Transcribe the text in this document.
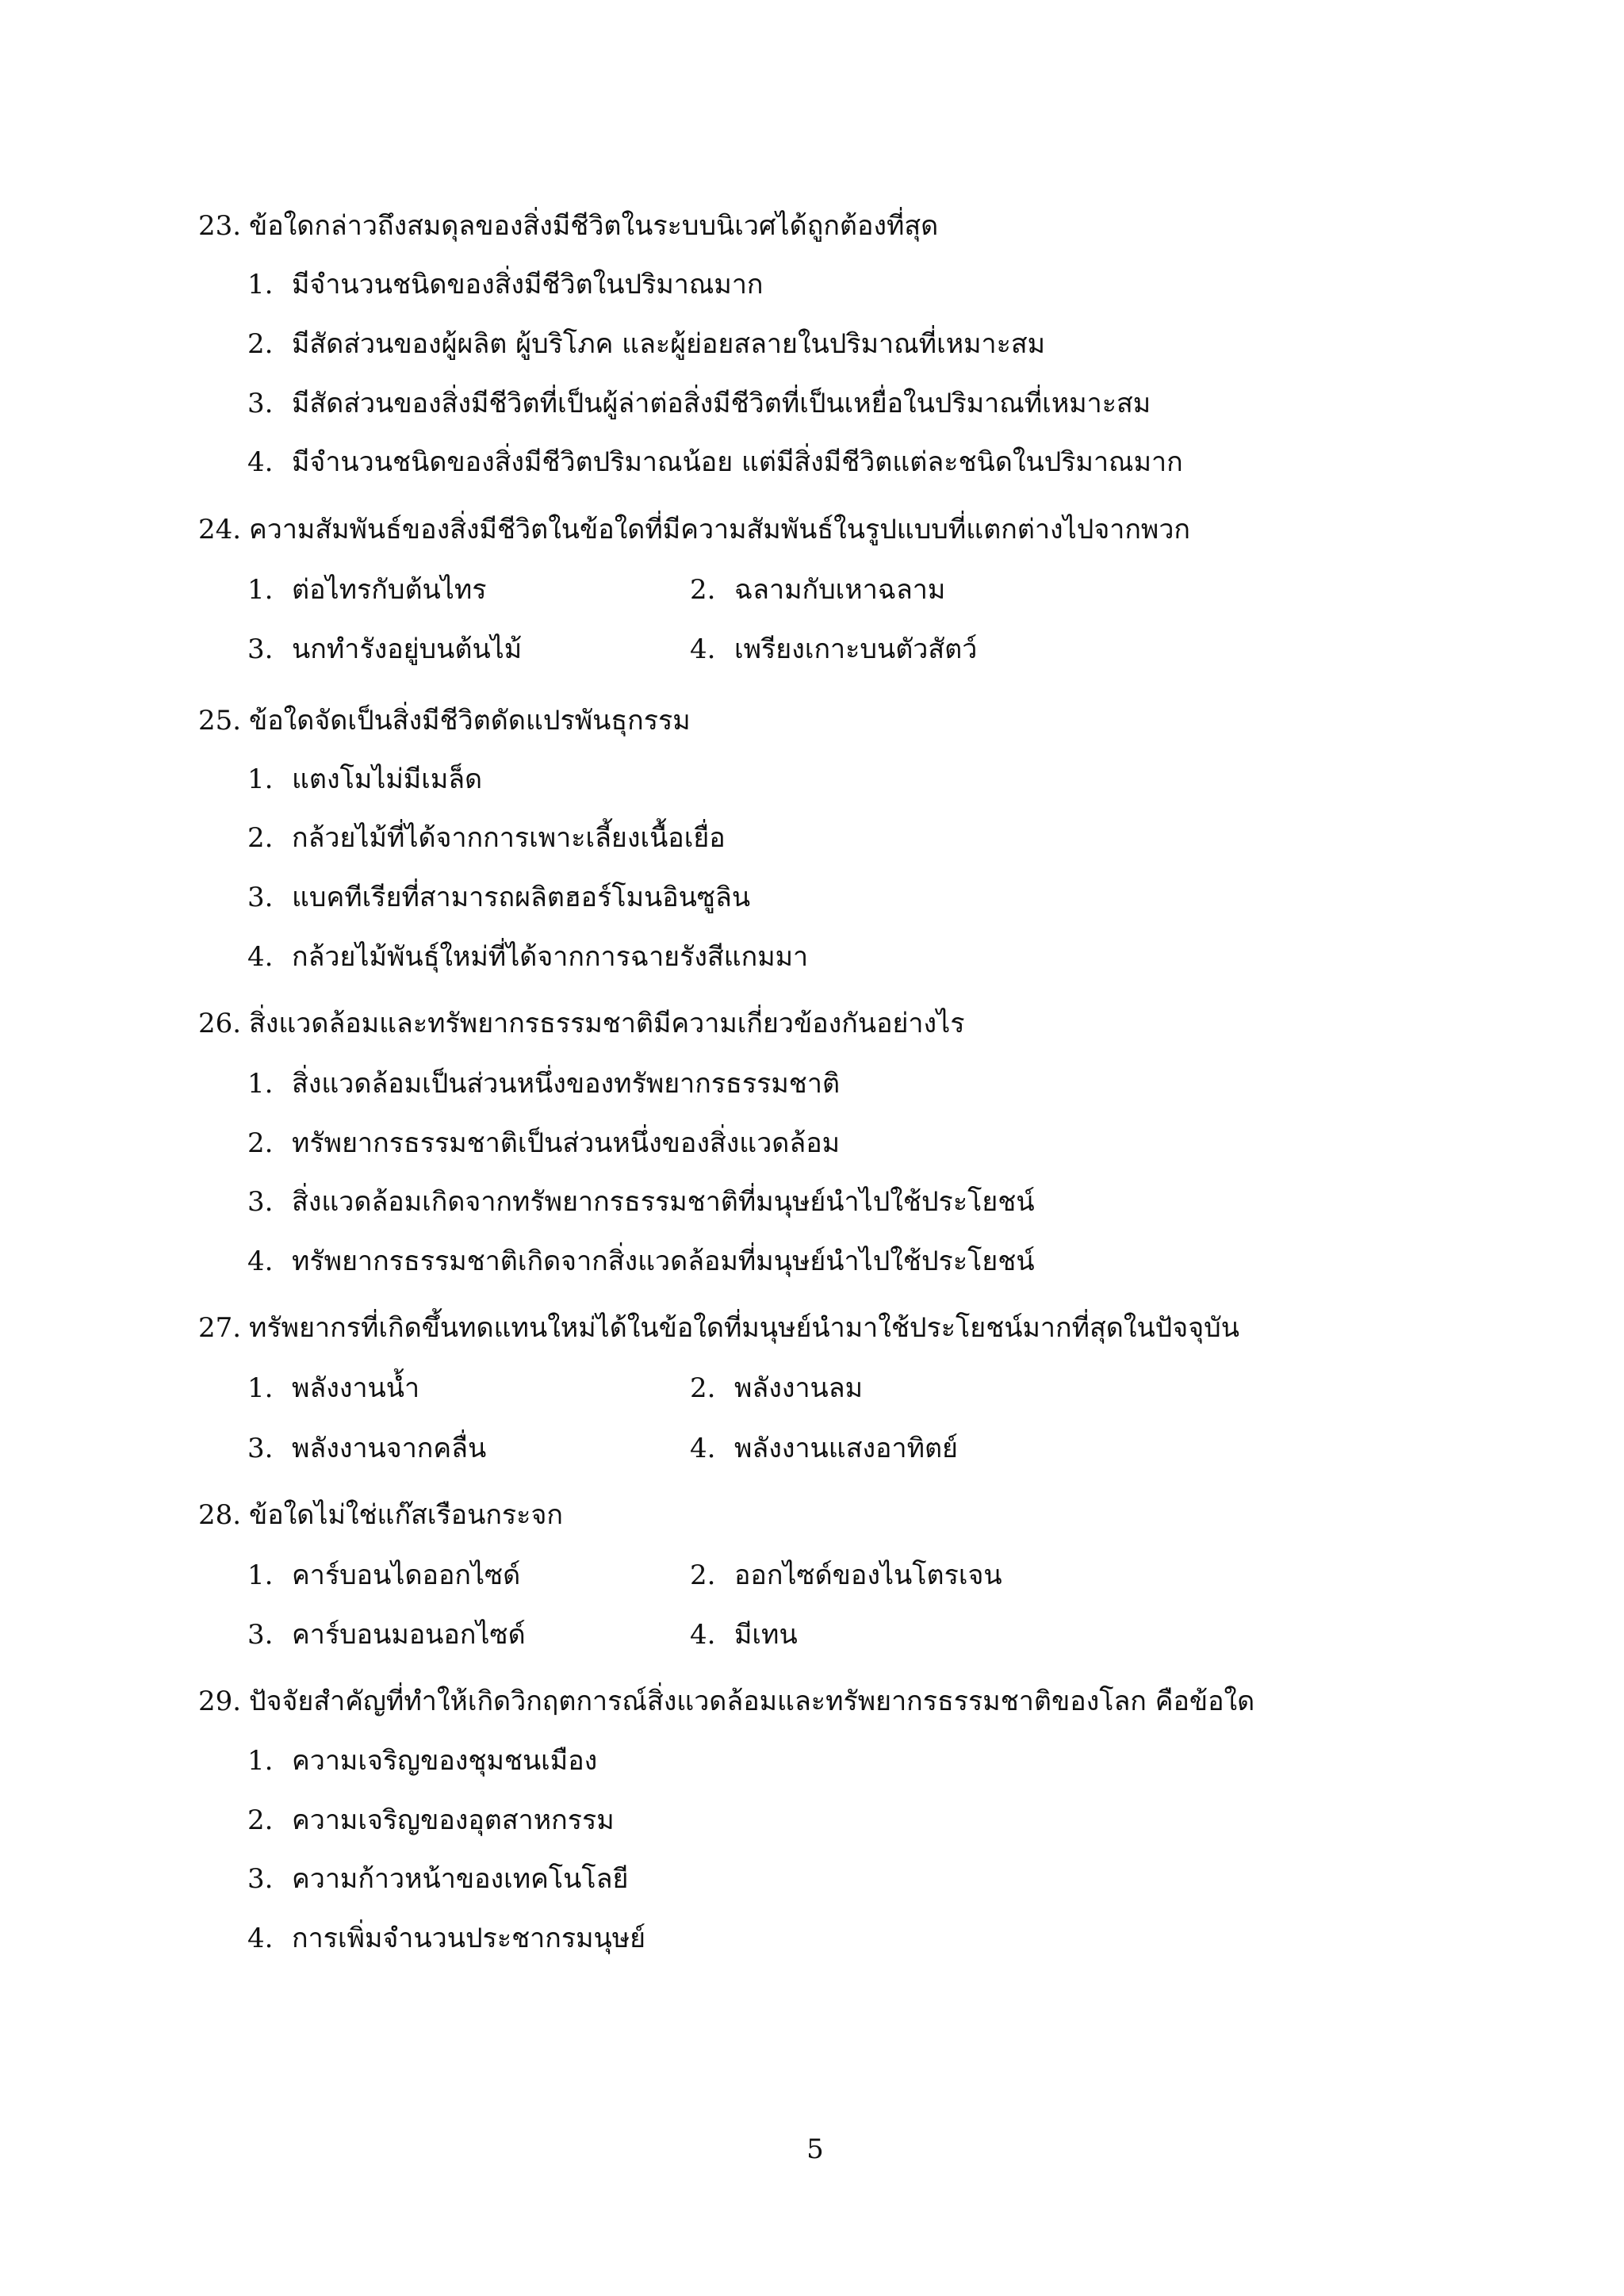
23. ข้อใดกล่าวถึงสมดุลของสิ่งมีชีวิตในระบบนิเวศได้ถูกต้องที่สุด
1. มีจำนวนชนิดของสิ่งมีชีวิตในปริมาณมาก
2. มีสัดส่วนของผู้ผลิต ผู้บริโภค และผู้ย่อยสลายในปริมาณที่เหมาะสม
3. มีสัดส่วนของสิ่งมีชีวิตที่เป็นผู้ล่าต่อสิ่งมีชีวิตที่เป็นเหยื่อในปริมาณที่เหมาะสม
4. มีจำนวนชนิดของสิ่งมีชีวิตปริมาณน้อย แต่มีสิ่งมีชีวิตแต่ละชนิดในปริมาณมาก
24. ความสัมพันธ์ของสิ่งมีชีวิตในข้อใดที่มีความสัมพันธ์ในรูปแบบที่แตกต่างไปจากพวก
1. ต่อไทรกับต้นไทร	2. ฉลามกับเหาฉลาม
3. นกทำรังอยู่บนต้นไม้	4. เพรียงเกาะบนตัวสัตว์
25. ข้อใดจัดเป็นสิ่งมีชีวิตดัดแปรพันธุกรรม
1. แตงโมไม่มีเมล็ด
2. กล้วยไม้ที่ได้จากการเพาะเลี้ยงเนื้อเยื่อ
3. แบคทีเรียที่สามารถผลิตฮอร์โมนอินซูลิน
4. กล้วยไม้พันธุ์ใหม่ที่ได้จากการฉายรังสีแกมมา
26. สิ่งแวดล้อมและทรัพยากรธรรมชาติมีความเกี่ยวข้องกันอย่างไร
1. สิ่งแวดล้อมเป็นส่วนหนึ่งของทรัพยากรธรรมชาติ
2. ทรัพยากรธรรมชาติเป็นส่วนหนึ่งของสิ่งแวดล้อม
3. สิ่งแวดล้อมเกิดจากทรัพยากรธรรมชาติที่มนุษย์นำไปใช้ประโยชน์
4. ทรัพยากรธรรมชาติเกิดจากสิ่งแวดล้อมที่มนุษย์นำไปใช้ประโยชน์
27. ทรัพยากรที่เกิดขึ้นทดแทนใหม่ได้ในข้อใดที่มนุษย์นำมาใช้ประโยชน์มากที่สุดในปัจจุบัน
1. พลังงานน้ำ	2. พลังงานลม
3. พลังงานจากคลื่น	4. พลังงานแสงอาทิตย์
28. ข้อใดไม่ใช่แก๊สเรือนกระจก
1. คาร์บอนไดออกไซด์	2. ออกไซด์ของไนโตรเจน
3. คาร์บอนมอนอกไซด์	4. มีเทน
29. ปัจจัยสำคัญที่ทำให้เกิดวิกฤตการณ์สิ่งแวดล้อมและทรัพยากรธรรมชาติของโลก คือข้อใด
1. ความเจริญของชุมชนเมือง
2. ความเจริญของอุตสาหกรรม
3. ความก้าวหน้าของเทคโนโลยี
4. การเพิ่มจำนวนประชากรมนุษย์
5
